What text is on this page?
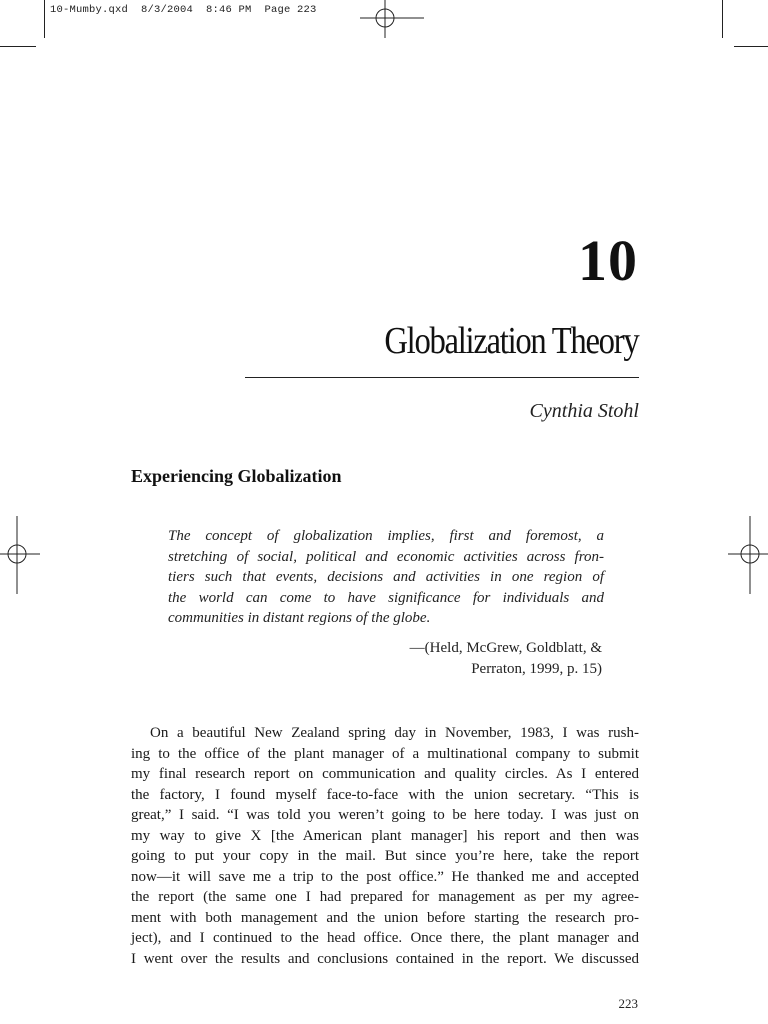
10-Mumby.qxd  8/3/2004  8:46 PM  Page 223
10
Globalization Theory
Cynthia Stohl
Experiencing Globalization

The concept of globalization implies, first and foremost, a
stretching of social, political and economic activities across fron-
tiers such that events, decisions and activities in one region of
the world can come to have significance for individuals and
communities in distant regions of the globe.

—(Held, McGrew, Goldblatt, &
Perraton, 1999, p. 15)

On a beautiful New Zealand spring day in November, 1983, I was rush-
ing to the office of the plant manager of a multinational company to submit
my final research report on communication and quality circles. As I entered
the factory, I found myself face-to-face with the union secretary. “This is
great,” I said. “I was told you weren’t going to be here today. I was just on
my way to give X [the American plant manager] his report and then was
going to put your copy in the mail. But since you’re here, take the report
now—it will save me a trip to the post office.” He thanked me and accepted
the report (the same one I had prepared for management as per my agree-
ment with both management and the union before starting the research pro-
ject), and I continued to the head office. Once there, the plant manager and
I went over the results and conclusions contained in the report. We discussed

223
